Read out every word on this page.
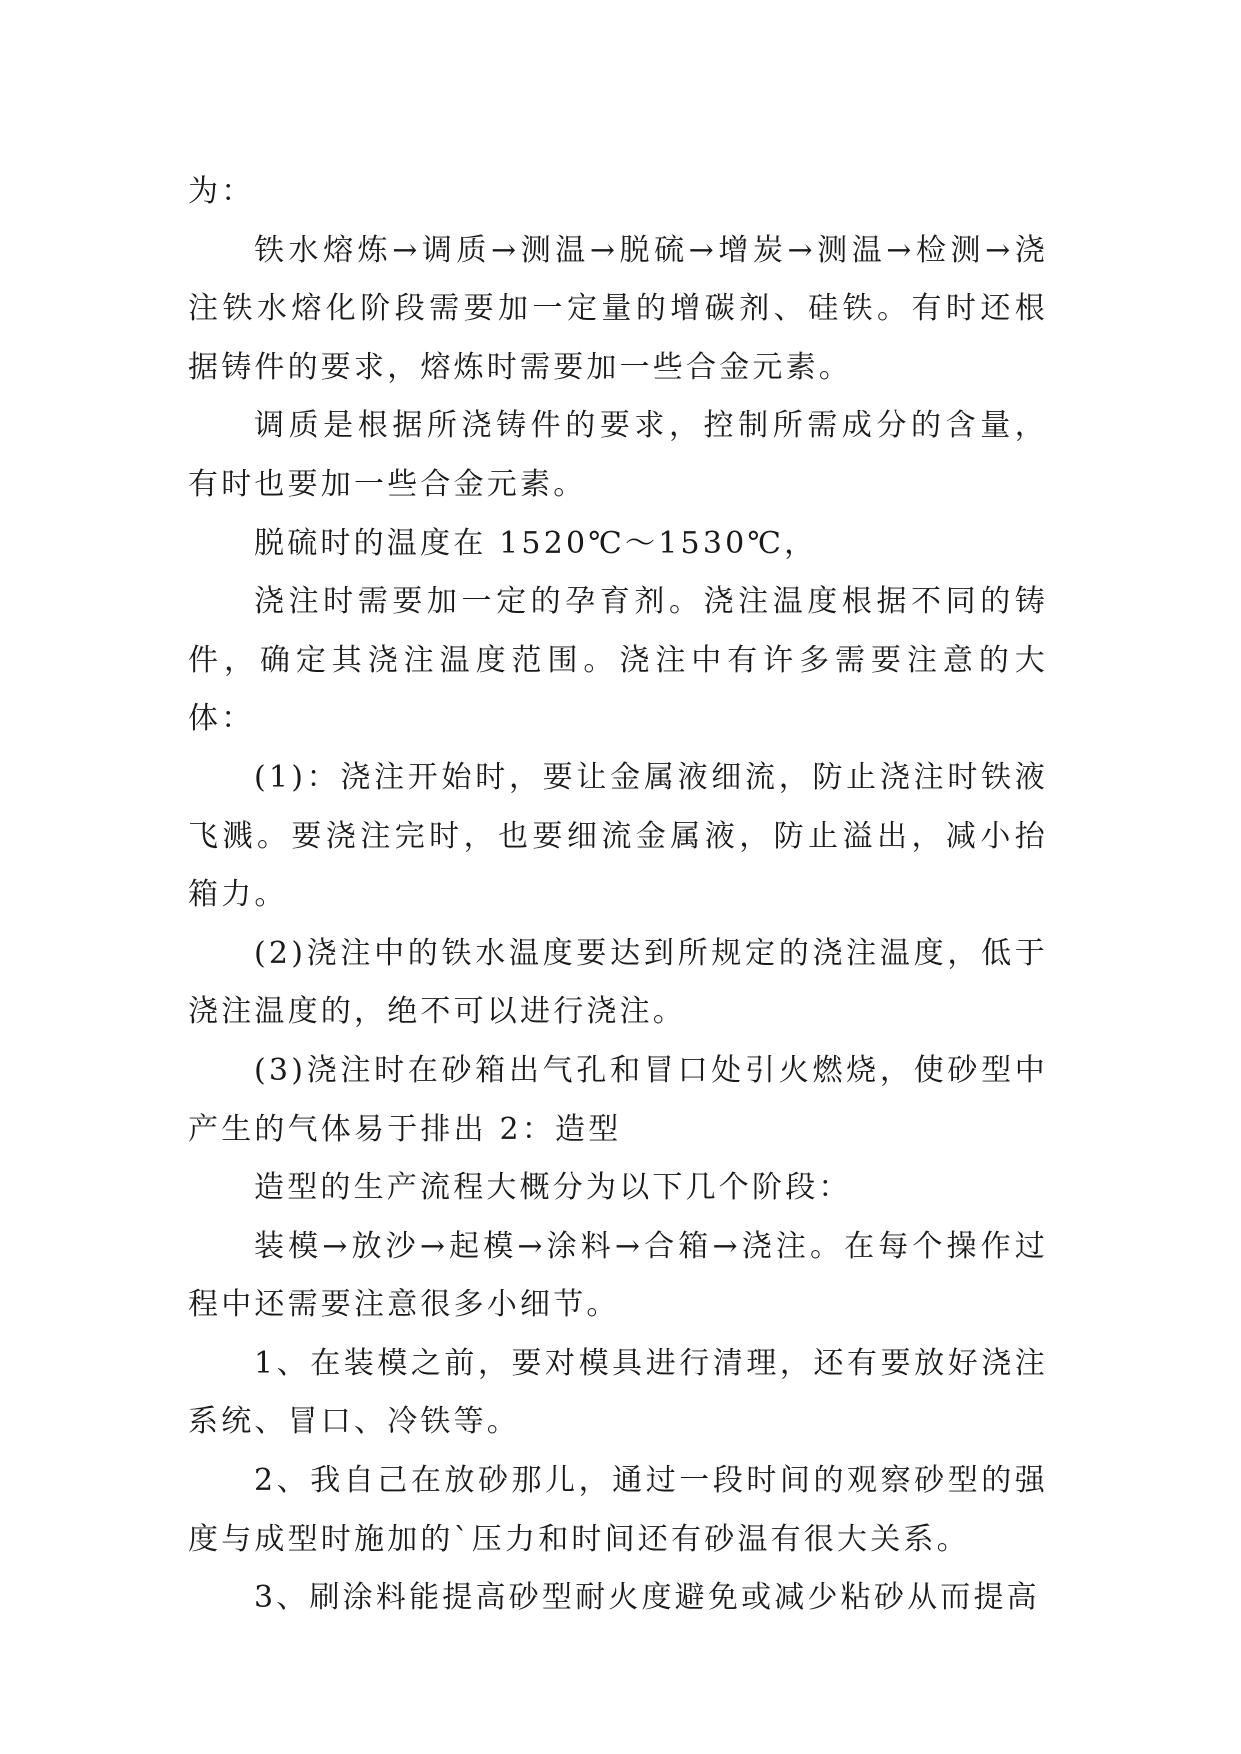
为：

铁水熔炼→调质→测温→脱硫→增炭→测温→检测→浇注铁水熔化阶段需要加一定量的增碳剂、硅铁。有时还根据铸件的要求，熔炼时需要加一些合金元素。

调质是根据所浇铸件的要求，控制所需成分的含量，有时也要加一些合金元素。

脱硫时的温度在 1520℃～1530℃，

浇注时需要加一定的孕育剂。浇注温度根据不同的铸件，确定其浇注温度范围。浇注中有许多需要注意的大体：

(1)：浇注开始时，要让金属液细流，防止浇注时铁液飞溅。要浇注完时，也要细流金属液，防止溢出，减小抬箱力。

(2)浇注中的铁水温度要达到所规定的浇注温度，低于浇注温度的，绝不可以进行浇注。

(3)浇注时在砂箱出气孔和冒口处引火燃烧，使砂型中产生的气体易于排出 2：造型

造型的生产流程大概分为以下几个阶段：

装模→放沙→起模→涂料→合箱→浇注。在每个操作过程中还需要注意很多小细节。

1、在装模之前，要对模具进行清理，还有要放好浇注系统、冒口、冷铁等。

2、我自己在放砂那儿，通过一段时间的观察砂型的强度与成型时施加的`压力和时间还有砂温有很大关系。

3、刷涂料能提高砂型耐火度避免或减少粘砂从而提高
